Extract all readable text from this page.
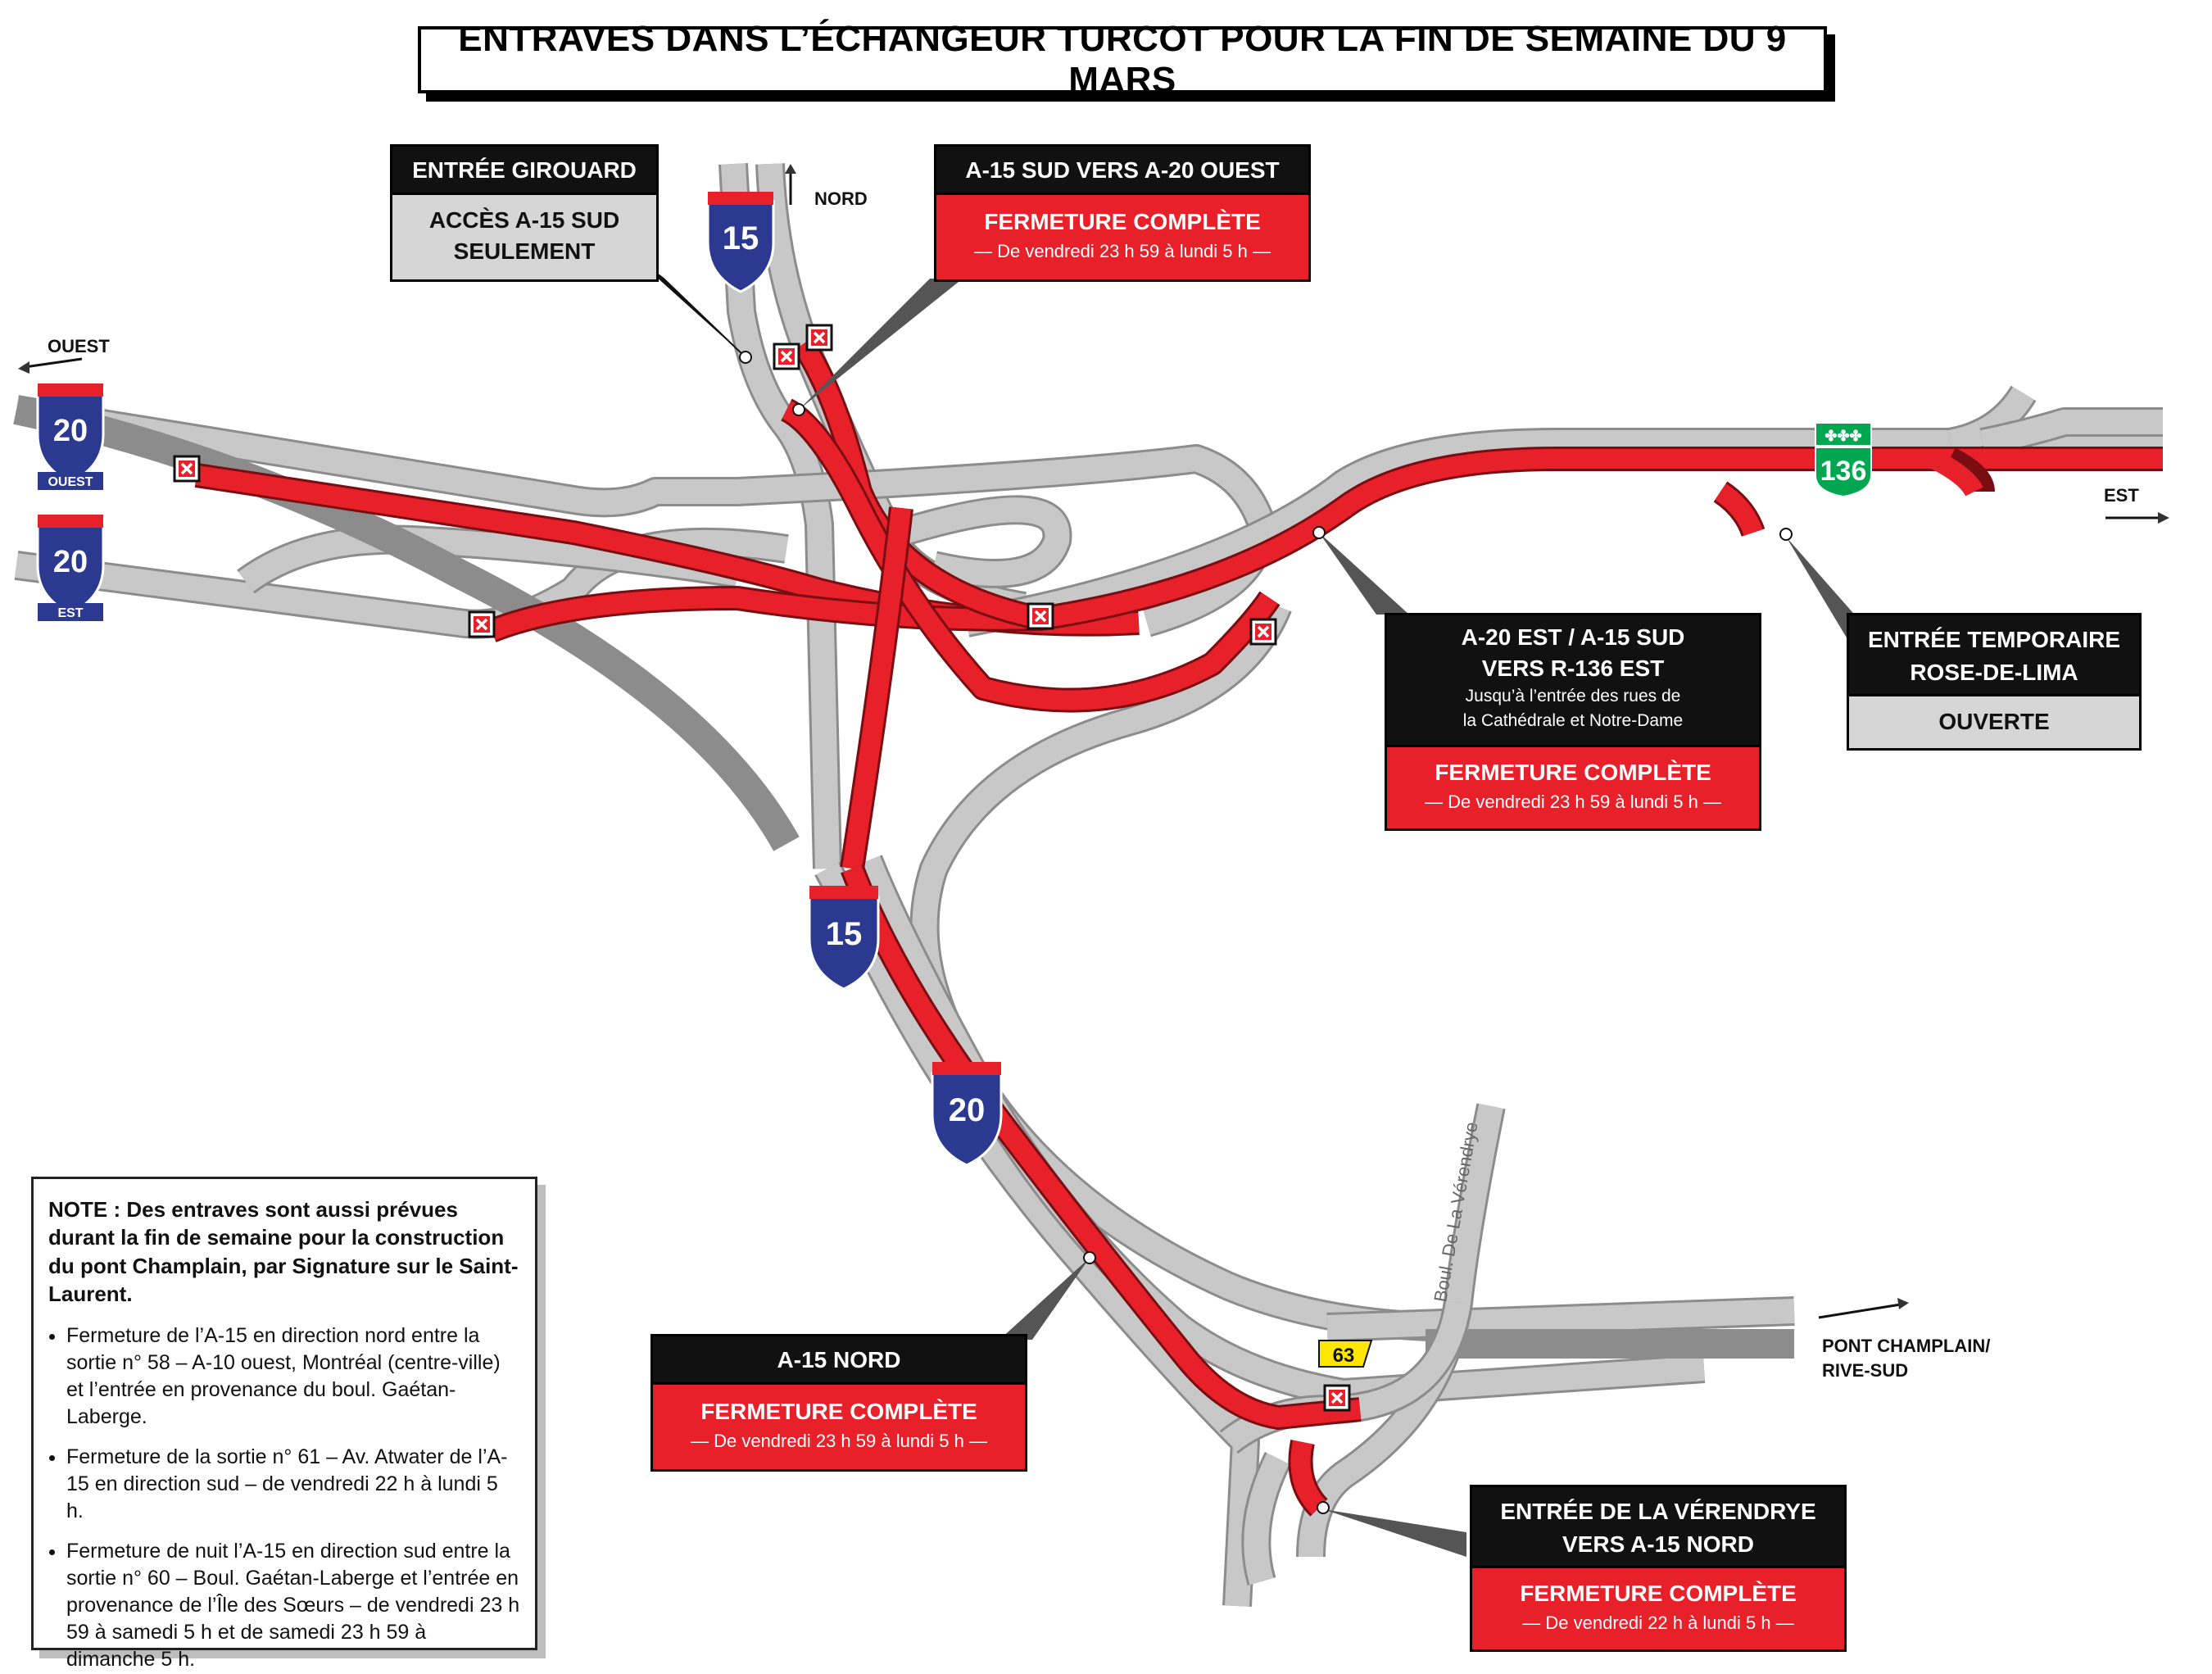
15
15
20
20
OUEST
20
EST
✤✤✤
136
63
Boul. De La Vérendrye
ENTRAVES DANS L’ÉCHANGEUR TURCOT POUR LA FIN DE SEMAINE DU 9 MARS
NORD
OUEST
EST
PONT CHAMPLAIN/
RIVE-SUD
ENTRÉE GIROUARD
ACCÈS A-15 SUD
SEULEMENT
A-15 SUD VERS A-20 OUEST
FERMETURE COMPLÈTE
— De vendredi 23 h 59 à lundi 5 h —
A-20 EST / A-15 SUD
VERS R-136 EST
Jusqu’à l’entrée des rues de
la Cathédrale et Notre-Dame
FERMETURE COMPLÈTE
— De vendredi 23 h 59 à lundi 5 h —
ENTRÉE TEMPORAIRE
ROSE-DE-LIMA
OUVERTE
A-15 NORD
FERMETURE COMPLÈTE
— De vendredi 23 h 59 à lundi 5 h —
ENTRÉE DE LA VÉRENDRYE
VERS A-15 NORD
FERMETURE COMPLÈTE
— De vendredi 22 h à lundi 5 h —

NOTE : Des entraves sont aussi prévues durant la fin de semaine pour la construction du pont Champlain, par Signature sur le Saint-Laurent.

• Fermeture de l’A-15 en direction nord entre la sortie n° 58 – A-10 ouest, Montréal (centre-ville) et l’entrée en provenance du boul. Gaétan-Laberge.
• Fermeture de la sortie n° 61 – Av. Atwater de l’A-15 en direction sud – de vendredi 22 h à lundi 5 h.
• Fermeture de nuit l’A-15 en direction sud entre la sortie n° 60 – Boul. Gaétan-Laberge et l’entrée en provenance de l’Île des Sœurs – de vendredi 23 h 59 à samedi 5 h et de samedi 23 h 59 à dimanche 5 h.
